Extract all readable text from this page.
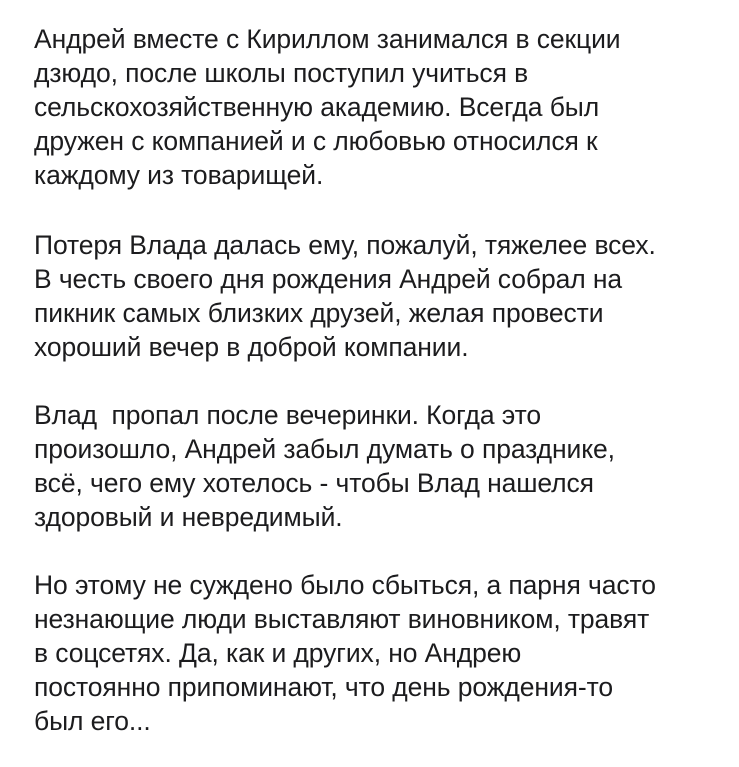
Андрей вместе с Кириллом занимался в секции
дзюдо, после школы поступил учиться в
сельскохозяйственную академию. Всегда был
дружен с компанией и с любовью относился к
каждому из товарищей.

Потеря Влада далась ему, пожалуй, тяжелее всех.
В честь своего дня рождения Андрей собрал на
пикник самых близких друзей, желая провести
хороший вечер в доброй компании.

Влад  пропал после вечеринки. Когда это
произошло, Андрей забыл думать о празднике,
всё, чего ему хотелось - чтобы Влад нашелся
здоровый и невредимый.

Но этому не суждено было сбыться, а парня часто
незнающие люди выставляют виновником, травят
в соцсетях. Да, как и других, но Андрею
постоянно припоминают, что день рождения-то
был его...
